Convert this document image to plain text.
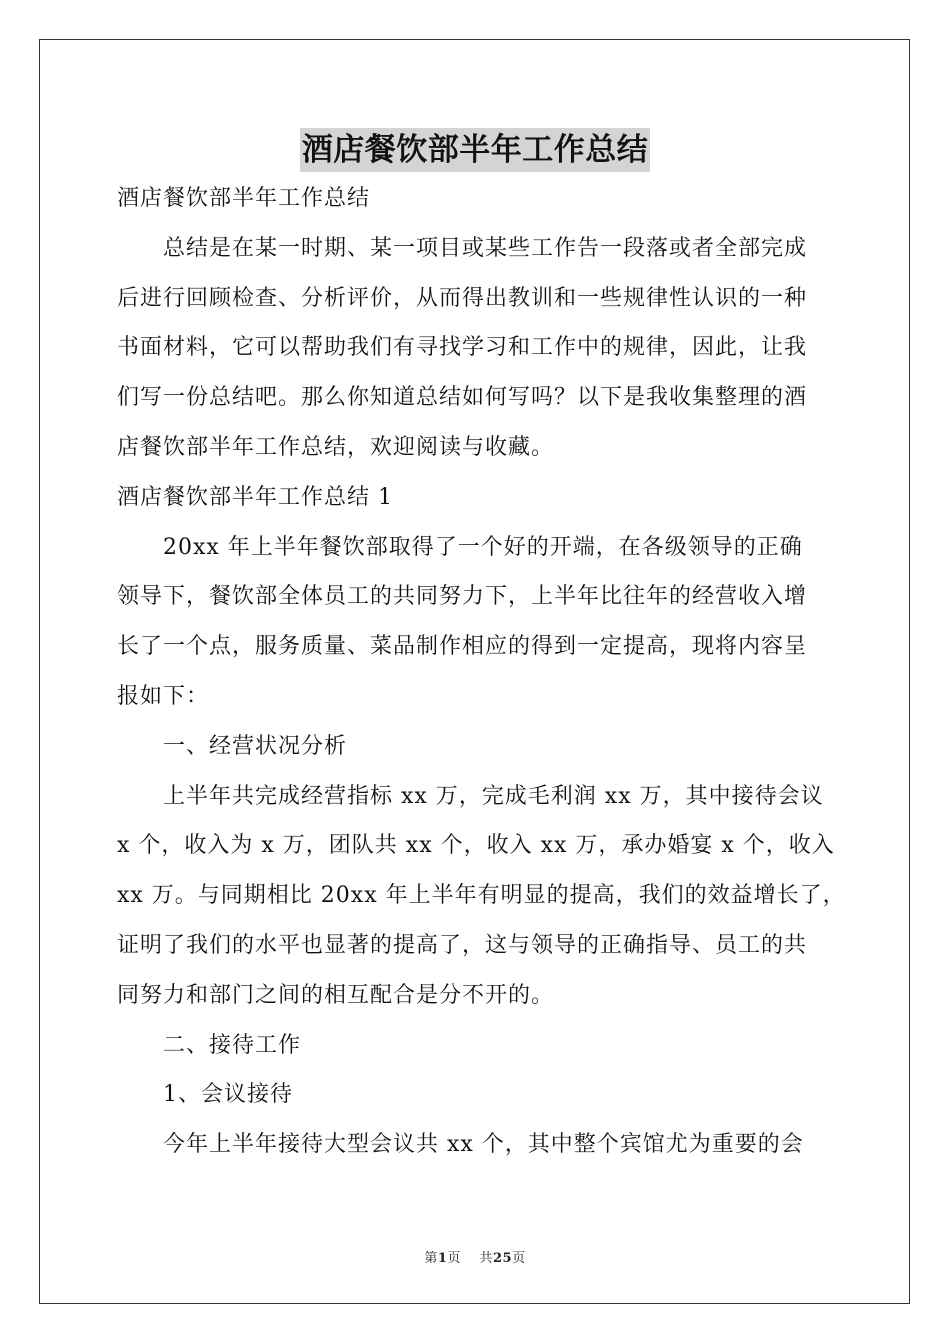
酒店餐饮部半年工作总结
酒店餐饮部半年工作总结
总结是在某一时期、某一项目或某些工作告一段落或者全部完成
后进行回顾检查、分析评价，从而得出教训和一些规律性认识的一种
书面材料，它可以帮助我们有寻找学习和工作中的规律，因此，让我
们写一份总结吧。那么你知道总结如何写吗？以下是我收集整理的酒
店餐饮部半年工作总结，欢迎阅读与收藏。
酒店餐饮部半年工作总结 1
20xx 年上半年餐饮部取得了一个好的开端，在各级领导的正确
领导下，餐饮部全体员工的共同努力下，上半年比往年的经营收入增
长了一个点，服务质量、菜品制作相应的得到一定提高，现将内容呈
报如下：
一、经营状况分析
上半年共完成经营指标 xx 万，完成毛利润 xx 万，其中接待会议
x 个，收入为 x 万，团队共 xx 个，收入 xx 万，承办婚宴 x 个，收入
xx 万。与同期相比 20xx 年上半年有明显的提高，我们的效益增长了，
证明了我们的水平也显著的提高了，这与领导的正确指导、员工的共
同努力和部门之间的相互配合是分不开的。
二、接待工作
1、会议接待
今年上半年接待大型会议共 xx 个，其中整个宾馆尤为重要的会
第1页 共25页
